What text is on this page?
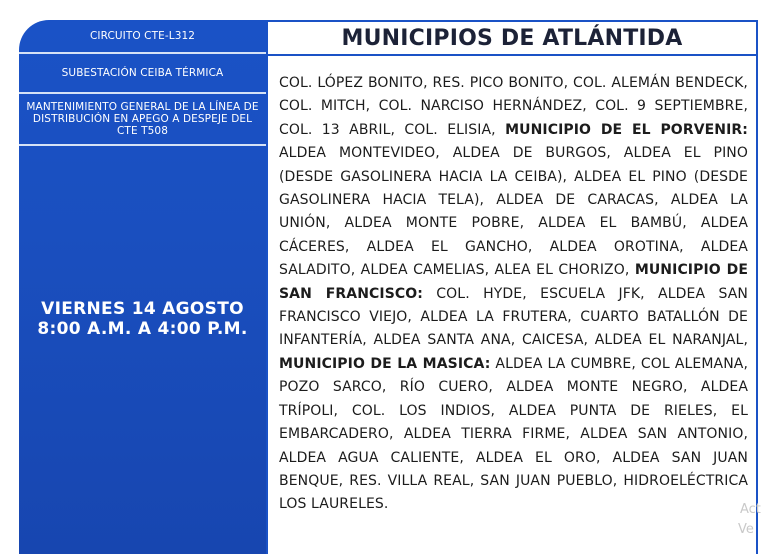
CIRCUITO CTE-L312
SUBESTACIÓN CEIBA TÉRMICA
MANTENIMIENTO GENERAL DE LA LÍNEA DE DISTRIBUCIÓN EN APEGO A DESPEJE DEL CTE T508
VIERNES 14 AGOSTO
8:00 A.M. A 4:00 P.M.
MUNICIPIOS DE ATLÁNTIDA
COL. LÓPEZ BONITO, RES. PICO BONITO, COL. ALEMÁN BENDECK, COL. MITCH, COL. NARCISO HERNÁNDEZ, COL. 9 SEPTIEMBRE, COL. 13 ABRIL, COL. ELISIA, MUNICIPIO DE EL PORVENIR: ALDEA MONTEVIDEO, ALDEA DE BURGOS, ALDEA EL PINO (DESDE GASOLINERA HACIA LA CEIBA), ALDEA EL PINO (DESDE GASOLINERA HACIA TELA), ALDEA DE CARACAS, ALDEA LA UNIÓN, ALDEA MONTE POBRE, ALDEA EL BAMBÚ, ALDEA CÁCERES, ALDEA EL GANCHO, ALDEA OROTINA, ALDEA SALADITO, ALDEA CAMELIAS, ALEA EL CHORIZO, MUNICIPIO DE SAN FRANCISCO: COL. HYDE, ESCUELA JFK, ALDEA SAN FRANCISCO VIEJO, ALDEA LA FRUTERA, CUARTO BATALLÓN DE INFANTERÍA, ALDEA SANTA ANA, CAICESA, ALDEA EL NARANJAL, MUNICIPIO DE LA MASICA: ALDEA LA CUMBRE, COL ALEMANA, POZO SARCO, RÍO CUERO, ALDEA MONTE NEGRO, ALDEA TRÍPOLI, COL. LOS INDIOS, ALDEA PUNTA DE RIELES, EL EMBARCADERO, ALDEA TIERRA FIRME, ALDEA SAN ANTONIO, ALDEA AGUA CALIENTE, ALDEA EL ORO, ALDEA SAN JUAN BENQUE, RES. VILLA REAL, SAN JUAN PUEBLO, HIDROELÉCTRICA LOS LAURELES.	Act
Ve
